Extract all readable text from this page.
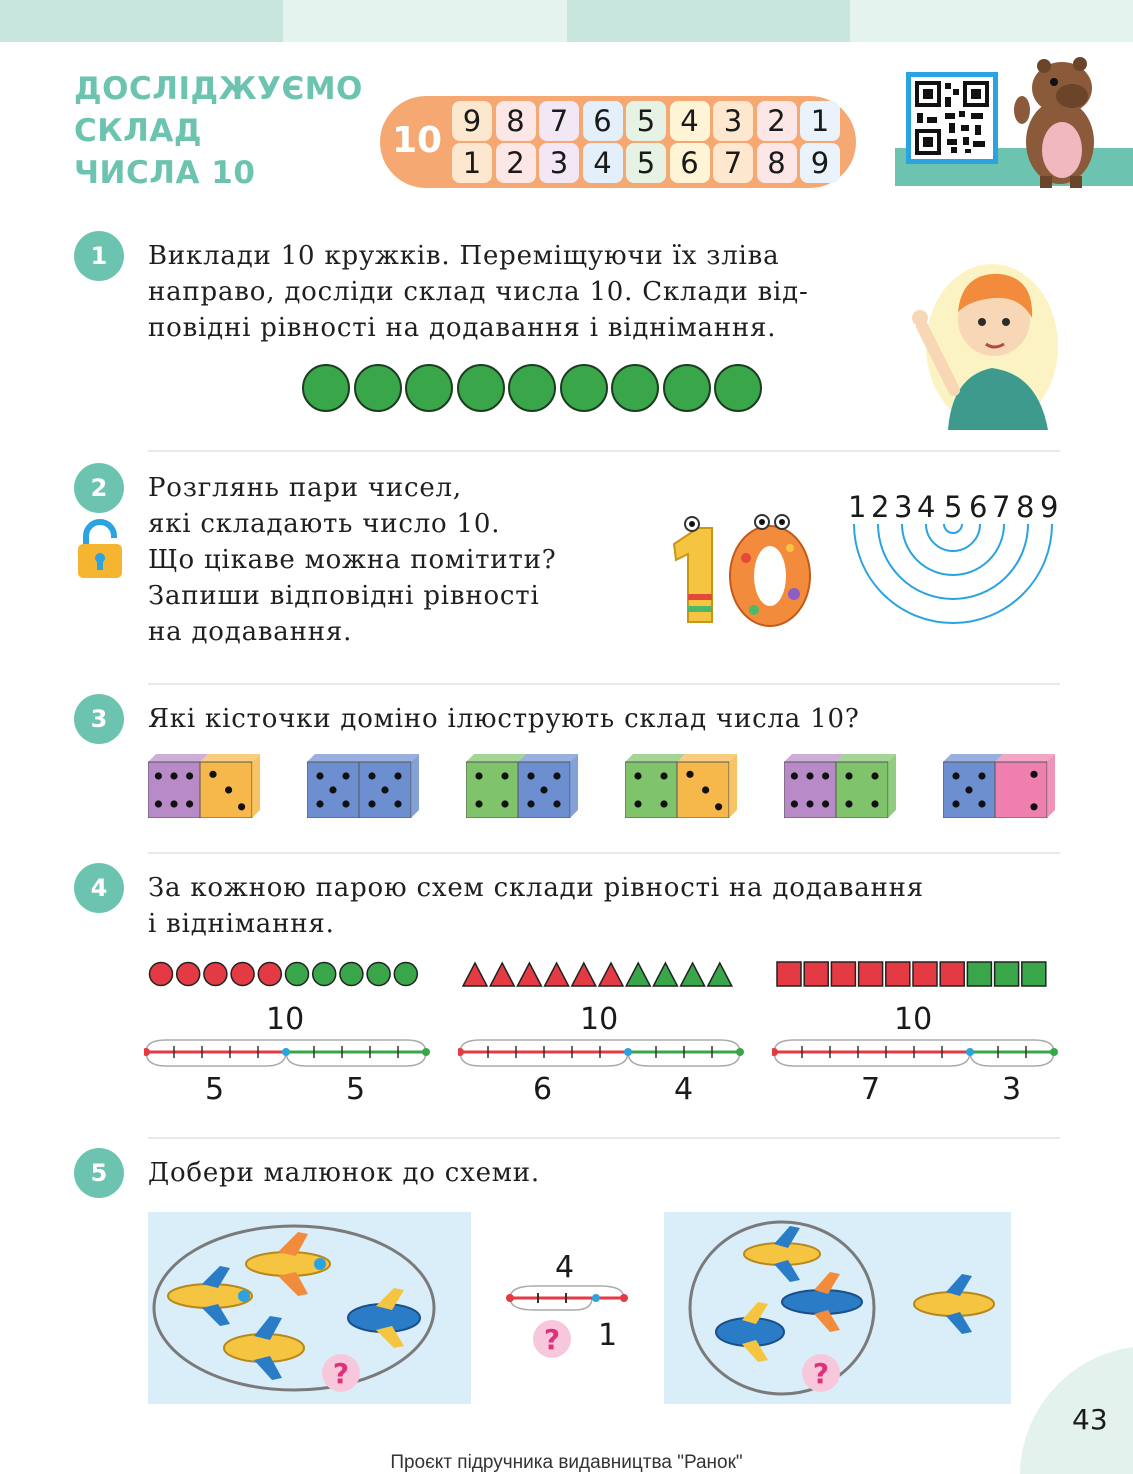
ДОСЛІДЖУЄМО
СКЛАД
ЧИСЛА 10
10 9 8 7 6 5 4 3 2 1
1 2 3 4 5 6 7 8 9
1	Виклади 10 кружків. Переміщуючи їх зліва
направо, досліди склад числа 10. Склади від-
повідні рівності на додавання і віднімання.
2	Розглянь пари чисел,
які складають число 10.
Що цікаве можна помітити?
Запиши відповідні рівності
на додавання.
1 2 3 4 5 6 7 8 9
3	Які кісточки доміно ілюструють склад числа 10?
4	За кожною парою схем склади рівності на додавання
і віднімання.
10
5	5
10
6	4
10
7	3
5	Добери малюнок до схеми.
?
4
?	1
?
43
Проєкт підручника видавництва "Ранок"
